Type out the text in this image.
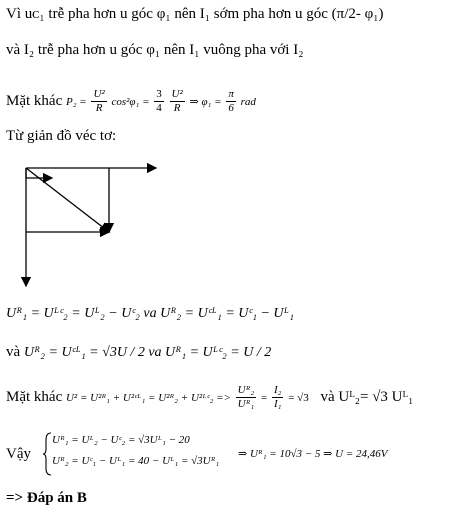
Vì uᴄ₁ trễ pha hơn u góc φ₁ nên I₁ sớm pha hơn u góc (π/2- φ₁)
và I₂ trễ pha hơn u góc φ₁ nên I₁ vuông pha với I₂
Mặt khác $P_2 = \frac{\text{U²}}{R} \cos^2\varphi_1 = \frac{3}{4}$
$\frac{\text{U²}}{R}$ ⇒ $\varphi_1 = \frac{\pi}{6}$ rad
Từ giản đồ véc tơ:
Uᴿ₁ = Uᴸᶜ₂ = Uᴸ₂ − Uᶜ₂ va Uᴿ₂ = Uᶜᴸ₁ = Uᶜ₁ − Uᴸ₁
và Uᴿ₂ = Uᶜᴸ₁ = √3U / 2 va Uᴿ₁ = Uᴸᶜ₂ = U / 2
Mặt khác U² = U²ᴿ₁ + U²ᶜᴸ₁ = U²ᴿ₂ + U²ᴸᶜ₂ => $\frac{\text{Uᴿ₂}}{\text{Uᴿ₁}} = \frac{\text{I₂}}{\text{I₁}} = √3$ và Uᴸ₂= √3 Uᴸ₁
Vậy
Uᴿ₁ = Uᴸ₂ − Uᶜ₂ = √3Uᴸ₁ − 20
Uᴿ₂ = Uᶜ₁ − Uᴸ₁ = 40 − Uᴸ₁ = √3Uᴿ₁
⇒ Uᴿ₁ = 10√3 − 5 ⇒ U = 24,46V
=> Đáp án B
